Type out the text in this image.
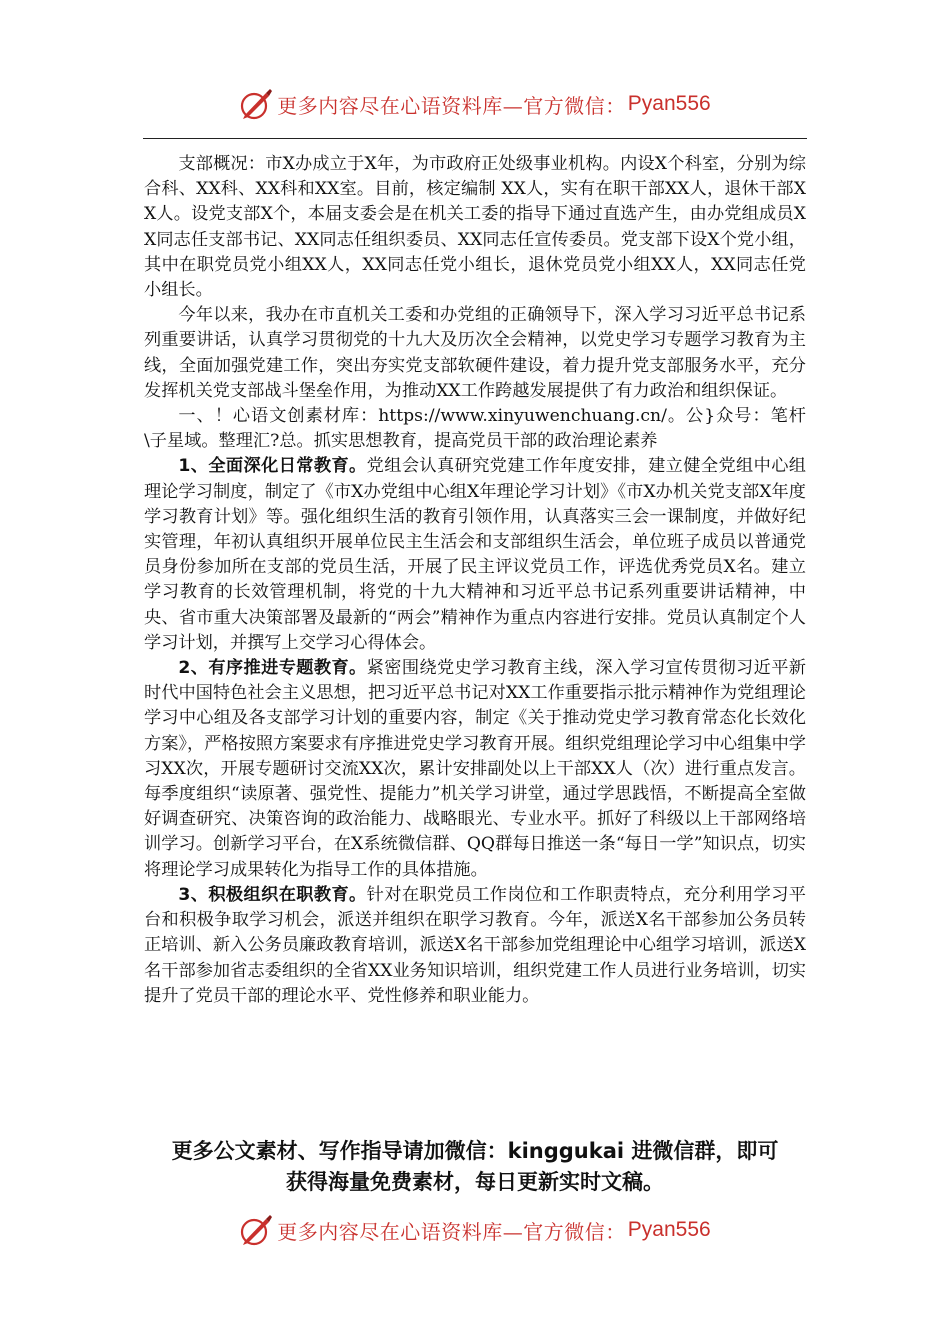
更多内容尽在心语资料库—官方微信： Pyan556

支部概况：市X办成立于X年，为市政府正处级事业机构。内设X个科室，分别为综合科、XX科、XX科和XX室。目前，核定编制 XX人，实有在职干部XX人，退休干部XX人。设党支部X个，本届支委会是在机关工委的指导下通过直选产生，由办党组成员XX同志任支部书记、XX同志任组织委员、XX同志任宣传委员。党支部下设X个党小组，其中在职党员党小组XX人，XX同志任党小组长，退休党员党小组XX人，XX同志任党小组长。

今年以来，我办在市直机关工委和办党组的正确领导下，深入学习习近平总书记系列重要讲话，认真学习贯彻党的十九大及历次全会精神，以党史学习专题学习教育为主线，全面加强党建工作，突出夯实党支部软硬件建设，着力提升党支部服务水平，充分发挥机关党支部战斗堡垒作用，为推动XX工作跨越发展提供了有力政治和组织保证。

一、！心语文创素材库：https://www.xinyuwenchuang.cn/。公}众号：笔杆\子星域。整理汇?总。抓实思想教育，提高党员干部的政治理论素养

1、全面深化日常教育。党组会认真研究党建工作年度安排，建立健全党组中心组理论学习制度，制定了《市X办党组中心组X年理论学习计划》《市X办机关党支部X年度学习教育计划》等。强化组织生活的教育引领作用，认真落实三会一课制度，并做好纪实管理，年初认真组织开展单位民主生活会和支部组织生活会，单位班子成员以普通党员身份参加所在支部的党员生活，开展了民主评议党员工作，评选优秀党员X名。建立学习教育的长效管理机制，将党的十九大精神和习近平总书记系列重要讲话精神，中央、省市重大决策部署及最新的“两会”精神作为重点内容进行安排。党员认真制定个人学习计划，并撰写上交学习心得体会。

2、有序推进专题教育。紧密围绕党史学习教育主线，深入学习宣传贯彻习近平新时代中国特色社会主义思想，把习近平总书记对XX工作重要指示批示精神作为党组理论学习中心组及各支部学习计划的重要内容，制定《关于推动党史学习教育常态化长效化方案》，严格按照方案要求有序推进党史学习教育开展。组织党组理论学习中心组集中学习XX次，开展专题研讨交流XX次，累计安排副处以上干部XX人（次）进行重点发言。每季度组织“读原著、强党性、提能力”机关学习讲堂，通过学思践悟，不断提高全室做好调查研究、决策咨询的政治能力、战略眼光、专业水平。抓好了科级以上干部网络培训学习。创新学习平台，在X系统微信群、QQ群每日推送一条“每日一学”知识点，切实将理论学习成果转化为指导工作的具体措施。

3、积极组织在职教育。针对在职党员工作岗位和工作职责特点，充分利用学习平台和积极争取学习机会，派送并组织在职学习教育。今年，派送X名干部参加公务员转正培训、新入公务员廉政教育培训，派送X名干部参加党组理论中心组学习培训，派送X名干部参加省志委组织的全省XX业务知识培训，组织党建工作人员进行业务培训，切实提升了党员干部的理论水平、党性修养和职业能力。

更多公文素材、写作指导请加微信：kinggukai 进微信群，即可
获得海量免费素材，每日更新实时文稿。
更多内容尽在心语资料库—官方微信： Pyan556
